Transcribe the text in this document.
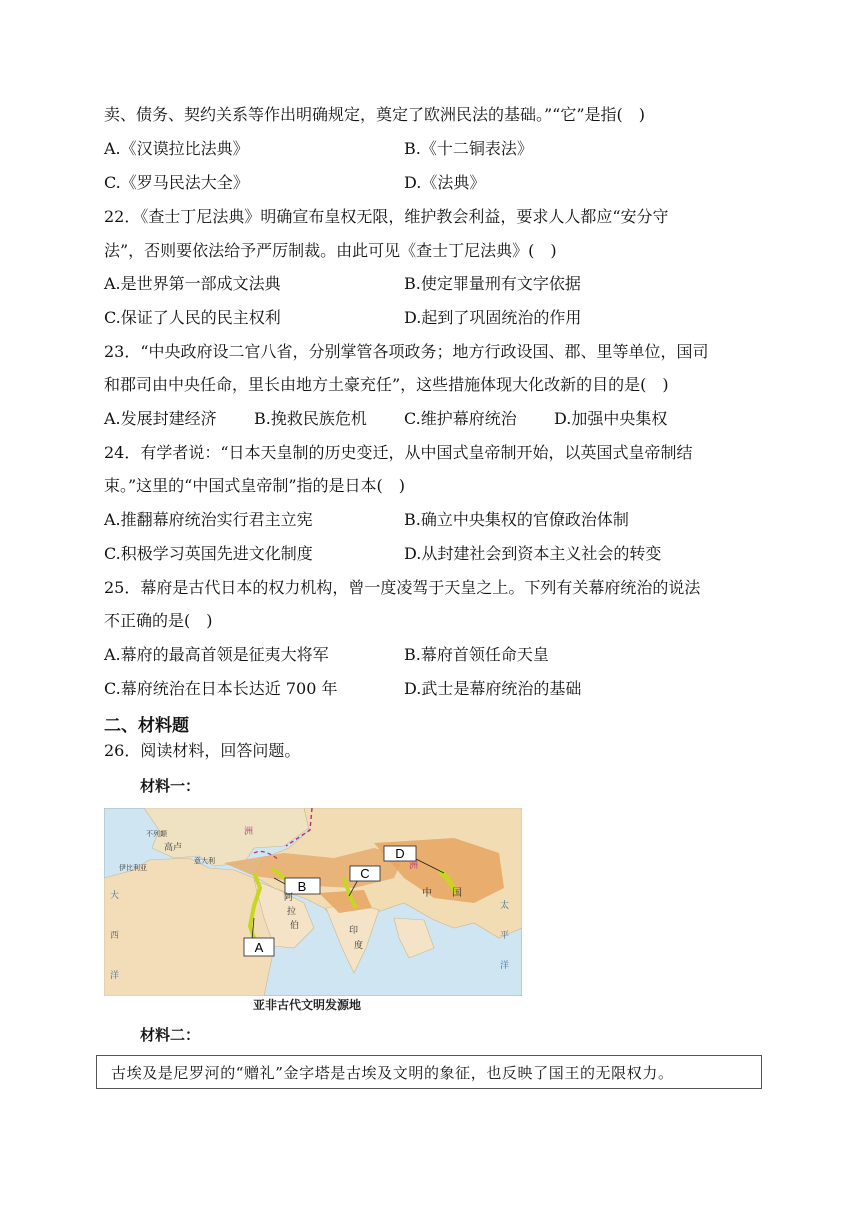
卖、债务、契约关系等作出明确规定，奠定了欧洲民法的基础。”“它”是指(　)
A.《汉谟拉比法典》	B.《十二铜表法》
C.《罗马民法大全》	D.《法典》
22．《查士丁尼法典》明确宣布皇权无限，维护教会利益，要求人人都应“安分守
法”，否则要依法给予严厉制裁。由此可见《查士丁尼法典》(　)
A.是世界第一部成文法典	B.使定罪量刑有文字依据
C.保证了人民的民主权利	D.起到了巩固统治的作用
23．“中央政府设二官八省，分别掌管各项政务；地方行政设国、郡、里等单位，国司
和郡司由中央任命，里长由地方土豪充任”，这些措施体现大化改新的目的是(　)
A.发展封建经济 B.挽救民族危机 C.维护幕府统治 D.加强中央集权
24．有学者说：“日本天皇制的历史变迁，从中国式皇帝制开始，以英国式皇帝制结
束。”这里的“中国式皇帝制”指的是日本(　)
A.推翻幕府统治实行君主立宪	B.确立中央集权的官僚政治体制
C.积极学习英国先进文化制度	D.从封建社会到资本主义社会的转变
25．幕府是古代日本的权力机构，曾一度凌驾于天皇之上。下列有关幕府统治的说法
不正确的是(　)
A.幕府的最高首领是征夷大将军	B.幕府首领任命天皇
C.幕府统治在日本长达近 700 年	D.武士是幕府统治的基础
二、材料题
26．阅读材料，回答问题。
材料一：
A
B
C
D
不列颠
高卢
伊比利亚
意大利
洲
阿
拉
伯	印
度
中 国
洲
大
西
洋
太
平
洋
亚非古代文明发源地
材料二：
古埃及是尼罗河的“赠礼”金字塔是古埃及文明的象征，也反映了国王的无限权力。
